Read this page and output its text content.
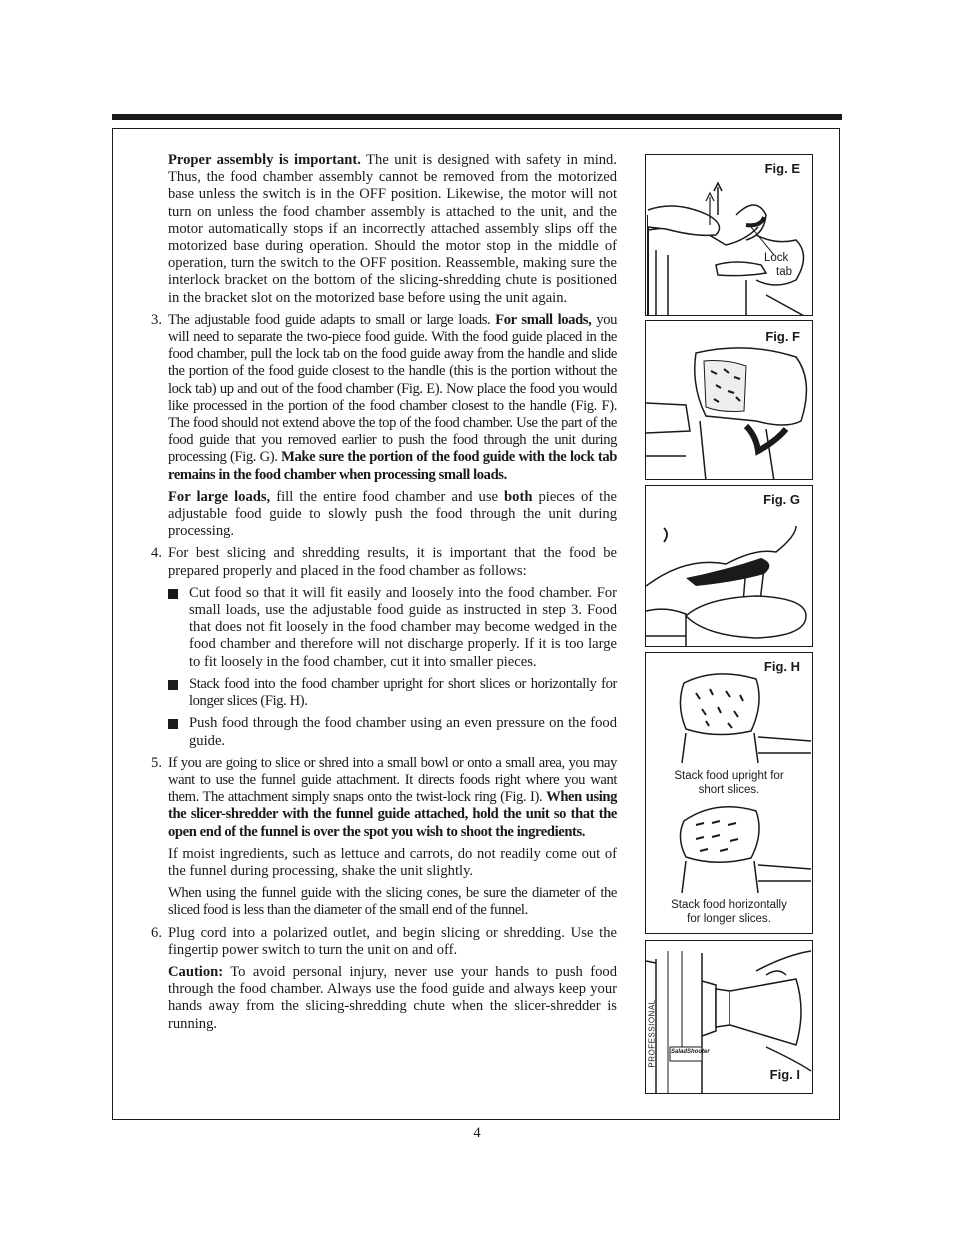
Proper assembly is important. The unit is designed with safety in mind. Thus, the food chamber assembly cannot be removed from the motorized base unless the switch is in the OFF position. Likewise, the motor will not turn on unless the food chamber assembly is attached to the unit, and the motor automatically stops if an incorrectly attached assembly slips off the motorized base during operation. Should the motor stop in the middle of operation, turn the switch to the OFF position. Reassemble, making sure the interlock bracket on the bottom of the slicing-shredding chute is positioned in the bracket slot on the motorized base before using the unit again.

3. The adjustable food guide adapts to small or large loads. For small loads, you will need to separate the two-piece food guide. With the food guide placed in the food chamber, pull the lock tab on the food guide away from the handle and slide the portion of the food guide closest to the handle (this is the portion without the lock tab) up and out of the food chamber (Fig. E). Now place the food you would like processed in the portion of the food chamber closest to the handle (Fig. F). The food should not extend above the top of the food chamber. Use the part of the food guide that you removed earlier to push the food through the unit during processing (Fig. G). Make sure the portion of the food guide with the lock tab remains in the food chamber when processing small loads.

For large loads, fill the entire food chamber and use both pieces of the adjustable food guide to slowly push the food through the unit during processing.

4. For best slicing and shredding results, it is important that the food be prepared properly and placed in the food chamber as follows:

Cut food so that it will fit easily and loosely into the food chamber. For small loads, use the adjustable food guide as instructed in step 3. Food that does not fit loosely in the food chamber may become wedged in the food chamber and therefore will not discharge properly. If it is too large to fit loosely in the food chamber, cut it into smaller pieces.
Stack food into the food chamber upright for short slices or horizontally for longer slices (Fig. H).
Push food through the food chamber using an even pressure on the food guide.
5. If you are going to slice or shred into a small bowl or onto a small area, you may want to use the funnel guide attachment. It directs foods right where you want them. The attachment simply snaps onto the twist-lock ring (Fig. I). When using the slicer-shredder with the funnel guide attached, hold the unit so that the open end of the funnel is over the spot you wish to shoot the ingredients.

If moist ingredients, such as lettuce and carrots, do not readily come out of the funnel during processing, shake the unit slightly.

When using the funnel guide with the slicing cones, be sure the diameter of the sliced food is less than the diameter of the small end of the funnel.

6. Plug cord into a polarized outlet, and begin slicing or shredding. Use the fingertip power switch to turn the unit on and off.

Caution: To avoid personal injury, never use your hands to push food through the food chamber. Always use the food guide and always keep your hands away from the slicing-shredding chute when the slicer-shredder is running.

Fig. E
Lock
tab
Fig. F
Fig. G
Fig. H
Stack food upright for
short slices.
Stack food horizontally
for longer slices.
PROFESSIONAL SaladShooter
Fig. I
4
